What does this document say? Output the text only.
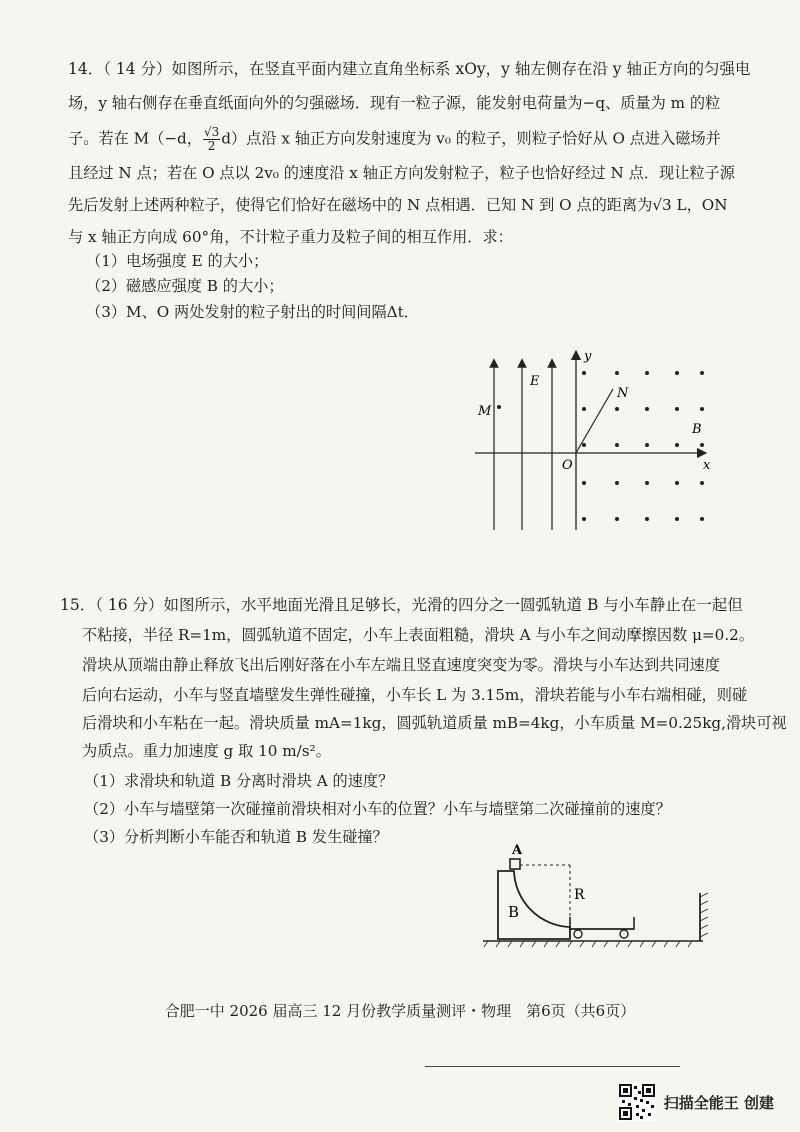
14．（ 14 分）如图所示，在竖直平面内建立直角坐标系 xOy，y 轴左侧存在沿 y 轴正方向的匀强电
场，y 轴右侧存在垂直纸面向外的匀强磁场．现有一粒子源，能发射电荷量为−q、质量为 m 的粒
子。若在 M（−d， $\frac{√3}{2} d$）点沿 x 轴正方向发射速度为 v₀ 的粒子，则粒子恰好从 O 点进入磁场并
且经过 N 点；若在 O 点以 2v₀ 的速度沿 x 轴正方向发射粒子，粒子也恰好经过 N 点．现让粒子源
先后发射上述两种粒子，使得它们恰好在磁场中的 N 点相遇．已知 N 到 O 点的距离为√3 L，ON
与 x 轴正方向成 60°角，不计粒子重力及粒子间的相互作用．求：
（1）电场强度 E 的大小；
（2）磁感应强度 B 的大小；
（3）M、O 两处发射的粒子射出的时间间隔Δt．
y
x
O
E
M
N
B
15．（ 16 分）如图所示，水平地面光滑且足够长，光滑的四分之一圆弧轨道 B 与小车静止在一起但
不粘接，半径 R=1m，圆弧轨道不固定，小车上表面粗糙，滑块 A 与小车之间动摩擦因数 μ=0.2。
滑块从顶端由静止释放飞出后刚好落在小车左端且竖直速度突变为零。滑块与小车达到共同速度
后向右运动，小车与竖直墙壁发生弹性碰撞，小车长 L 为 3.15m，滑块若能与小车右端相碰，则碰
后滑块和小车粘在一起。滑块质量 mA=1kg，圆弧轨道质量 mB=4kg，小车质量 M=0.25kg,滑块可视
为质点。重力加速度 g 取 10 m/s²。
（1）求滑块和轨道 B 分离时滑块 A 的速度？
（2）小车与墙壁第一次碰撞前滑块相对小车的位置？小车与墙壁第二次碰撞前的速度？
（3）分析判断小车能否和轨道 B 发生碰撞？
A
B
R
合肥一中 2026 届高三 12 月份教学质量测评・物理　第6页（共6页）
扫描全能王 创建
